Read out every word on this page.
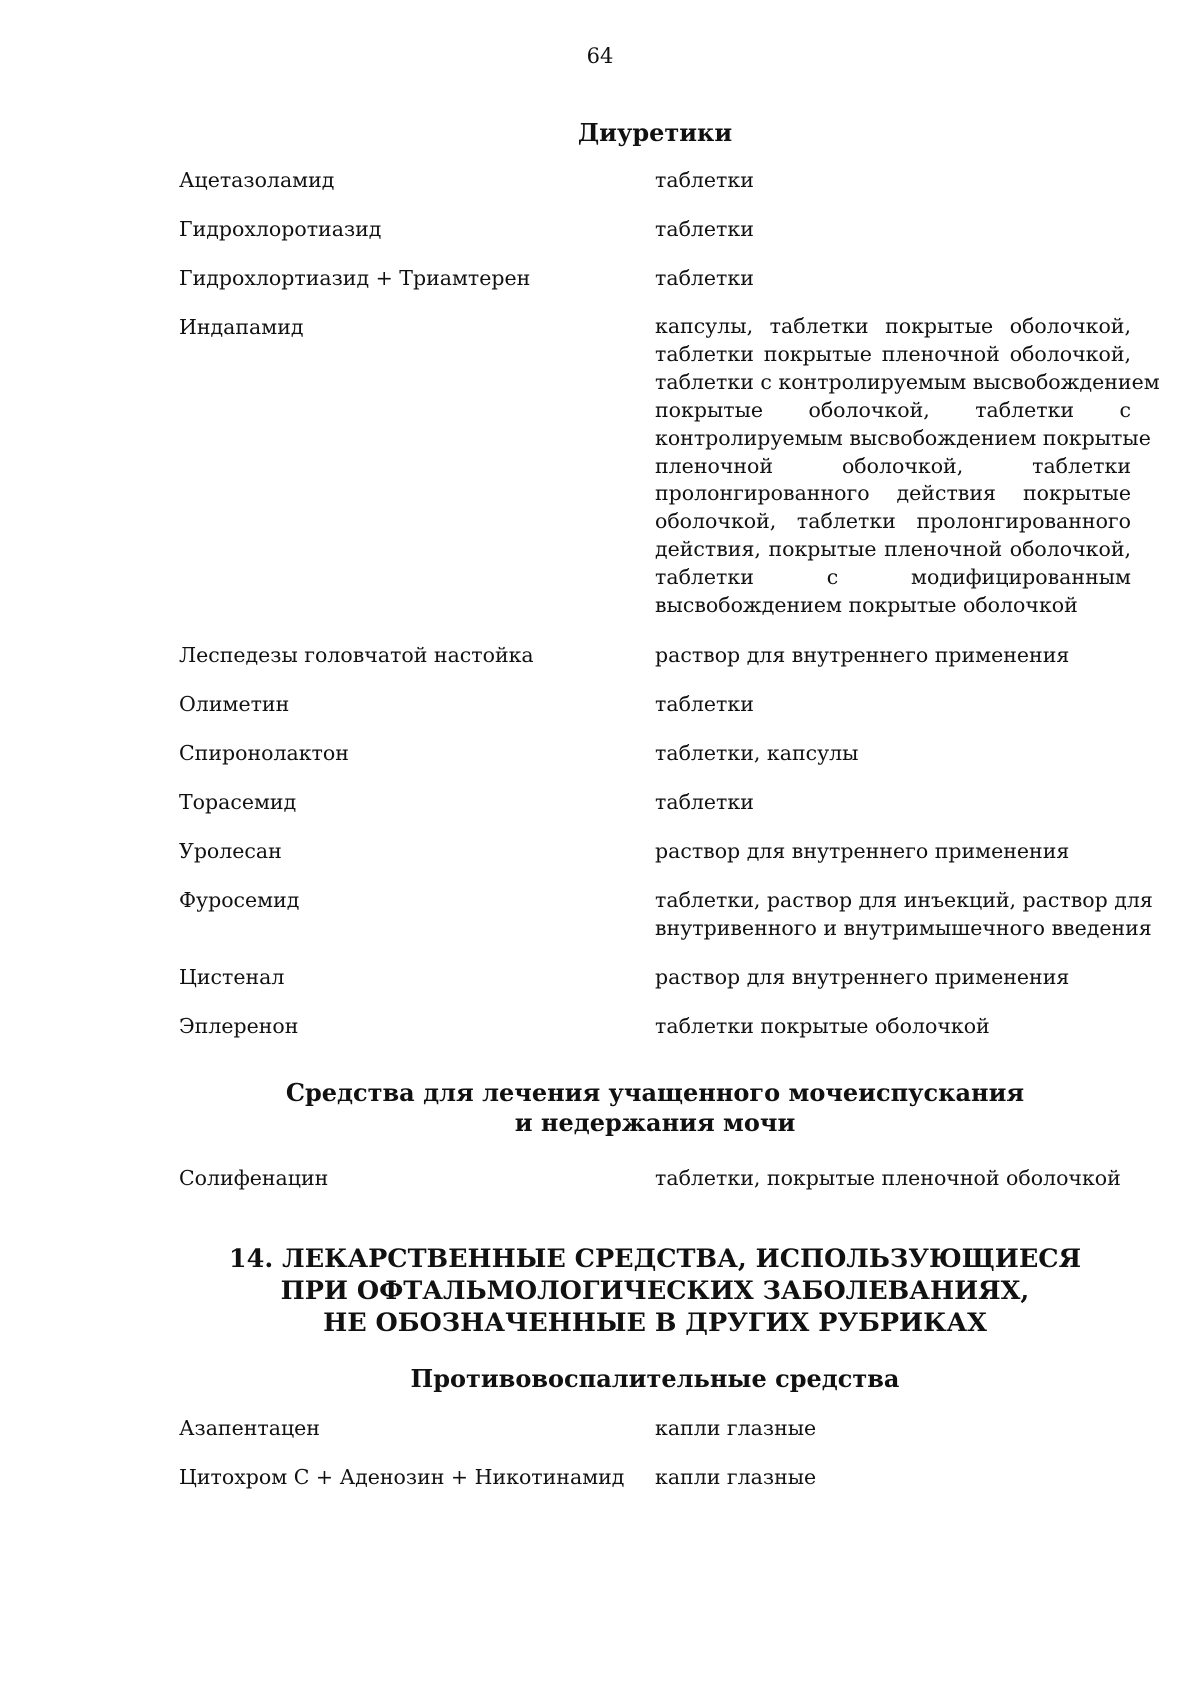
64
Диуретики
Ацетазоламид	таблетки
Гидрохлоротиазид	таблетки
Гидрохлортиазид + Триамтерен	таблетки
Индапамид	капсулы, таблетки покрытые оболочкой,
таблетки покрытые пленочной оболочкой,
таблетки с контролируемым высвобождением
покрытые оболочкой, таблетки с
контролируемым высвобождением покрытые
пленочной оболочкой, таблетки
пролонгированного действия покрытые
оболочкой, таблетки пролонгированного
действия, покрытые пленочной оболочкой,
таблетки с модифицированным
высвобождением покрытые оболочкой
Леспедезы головчатой настойка	раствор для внутреннего применения
Олиметин	таблетки
Спиронолактон	таблетки, капсулы
Торасемид	таблетки
Уролесан	раствор для внутреннего применения
Фуросемид	таблетки, раствор для инъекций, раствор для
внутривенного и внутримышечного введения
Цистенал	раствор для внутреннего применения
Эплеренон	таблетки покрытые оболочкой
Средства для лечения учащенного мочеиспускания
и недержания мочи
Солифенацин	таблетки, покрытые пленочной оболочкой
14. ЛЕКАРСТВЕННЫЕ СРЕДСТВА, ИСПОЛЬЗУЮЩИЕСЯ
ПРИ ОФТАЛЬМОЛОГИЧЕСКИХ ЗАБОЛЕВАНИЯХ,
НЕ ОБОЗНАЧЕННЫЕ В ДРУГИХ РУБРИКАХ
Противовоспалительные средства
Азапентацен	капли глазные
Цитохром С + Аденозин + Никотинамид	капли глазные
